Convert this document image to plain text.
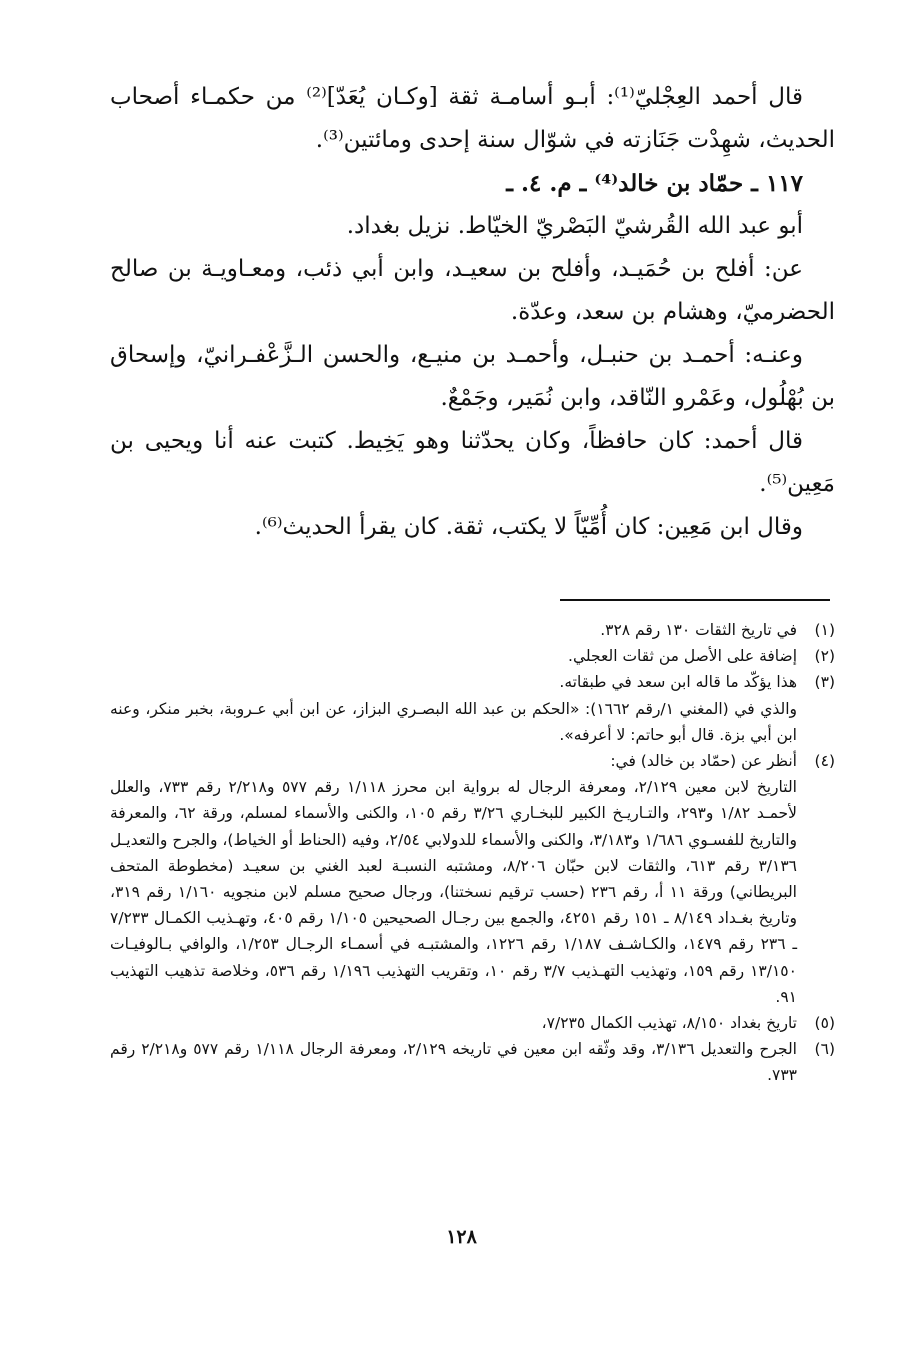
قال أحمد العِجْليّ⁽¹⁾: أبـو أسامـة ثقة [وكـان يُعَدّ]⁽²⁾ من حكمـاء أصحاب الحديث، شهِدْت جَنَازته في شوّال سنة إحدى ومائتين⁽³⁾.

١١٧ ـ حمّاد بن خالد⁽⁴⁾ ـ م. ٤. ـ

أبو عبد الله القُرشيّ البَصْريّ الخيّاط. نزيل بغداد.

عن: أفلح بن حُمَيـد، وأفلح بن سعيـد، وابن أبي ذئب، ومعـاويـة بن صالح الحضرميّ، وهشام بن سعد، وعدّة.

وعنـه: أحمـد بن حنبـل، وأحمـد بن منيـع، والحسن الـزَّعْفـرانيّ، وإسحاق بن بُهْلُول، وعَمْرو النّاقد، وابن نُمَير، وجَمْعٌ.

قال أحمد: كان حافظاً، وكان يحدّثنا وهو يَخِيط. كتبت عنه أنا ويحيى بن مَعِين⁽⁵⁾.

وقال ابن مَعِين: كان أُمِّيّاً لا يكتب، ثقة. كان يقرأ الحديث⁽⁶⁾.

(١)
في تاريخ الثقات ١٣٠ رقم ٣٢٨.
(٢)
إضافة على الأصل من ثقات العجلي.
(٣)
هذا يؤكّد ما قاله ابن سعد في طبقاته.

والذي في (المغني ١/رقم ١٦٦٢): «الحكم بن عبد الله البصـري البزاز، عن ابن أبي عـروبة، بخبر منكر، وعنه ابن أبي بزة. قال أبو حاتم: لا أعرفه».

(٤)
أنظر عن (حمّاد بن خالد) في:

التاريخ لابن معين ٢/١٢٩، ومعرفة الرجال له برواية ابن محرز ١/١١٨ رقم ٥٧٧ و٢/٢١٨ رقم ٧٣٣، والعلل لأحمـد ١/٨٢ و٢٩٣، والتـاريـخ الكبير للبخـاري ٣/٢٦ رقم ١٠٥، والكنى والأسماء لمسلم، ورقة ٦٢، والمعرفة والتاريخ للفسـوي ١/٦٨٦ و٣/١٨٣، والكنى والأسماء للدولابي ٢/٥٤، وفيه (الحناط أو الخياط)، والجرح والتعديـل ٣/١٣٦ رقم ٦١٣، والثقات لابن حبّان ٨/٢٠٦، ومشتبه النسبـة لعبد الغني بن سعيـد (مخطوطة المتحف البريطاني) ورقة ١١ أ، رقم ٢٣٦ (حسب ترقيم نسختنا)، ورجال صحيح مسلم لابن منجويه ١/١٦٠ رقم ٣١٩، وتاريخ بغـداد ٨/١٤٩ ـ ١٥١ رقم ٤٢٥١، والجمع بين رجـال الصحيحين ١/١٠٥ رقم ٤٠٥، وتهـذيب الكمـال ٧/٢٣٣ ـ ٢٣٦ رقم ١٤٧٩، والكـاشـف ١/١٨٧ رقم ١٢٢٦، والمشتبـه في أسمـاء الرجـال ١/٢٥٣، والوافي بـالوفيـات ١٣/١٥٠ رقم ١٥٩، وتهذيب التهـذيب ٣/٧ رقم ١٠، وتقريب التهذيب ١/١٩٦ رقم ٥٣٦، وخلاصة تذهيب التهذيب ٩١.

(٥)
تاريخ بغداد ٨/١٥٠، تهذيب الكمال ٧/٢٣٥،
(٦)
الجرح والتعديل ٣/١٣٦، وقد وثّقه ابن معين في تاريخه ٢/١٢٩، ومعرفة الرجال ١/١١٨ رقم ٥٧٧ و٢/٢١٨ رقم ٧٣٣.
١٢٨
